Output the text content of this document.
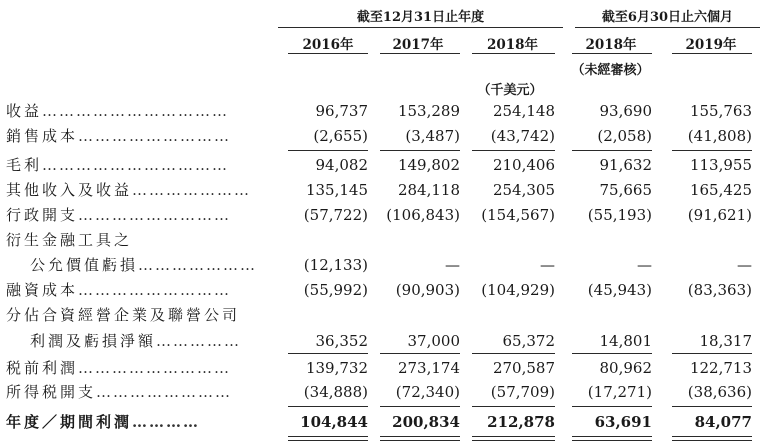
截至12月31日止年度	截至6月30日止六個月
2016年	2017年	2018年	2018年	2019年
（未經審核）
（千美元）
收益……………………………	96,737	153,289	254,148	93,690	155,763
銷售成本………………………	(2,655)	(3,487)	(43,742)	(2,058)	(41,808)
毛利……………………………	94,082	149,802	210,406	91,632	113,955
其他收入及收益…………………	135,145	284,118	254,305	75,665	165,425
行政開支………………………	(57,722)	(106,843)	(154,567)	(55,193)	(91,621)
衍生金融工具之
公允價值虧損…………………	(12,133)	—	—	—	—
融資成本………………………	(55,992)	(90,903)	(104,929)	(45,943)	(83,363)
分佔合資經營企業及聯營公司
利潤及虧損淨額……………	36,352	37,000	65,372	14,801	18,317
税前利潤………………………	139,732	273,174	270,587	80,962	122,713
所得税開支……………………	(34,888)	(72,340)	(57,709)	(17,271)	(38,636)
年度／期間利潤…………	104,844	200,834	212,878	63,691	84,077
